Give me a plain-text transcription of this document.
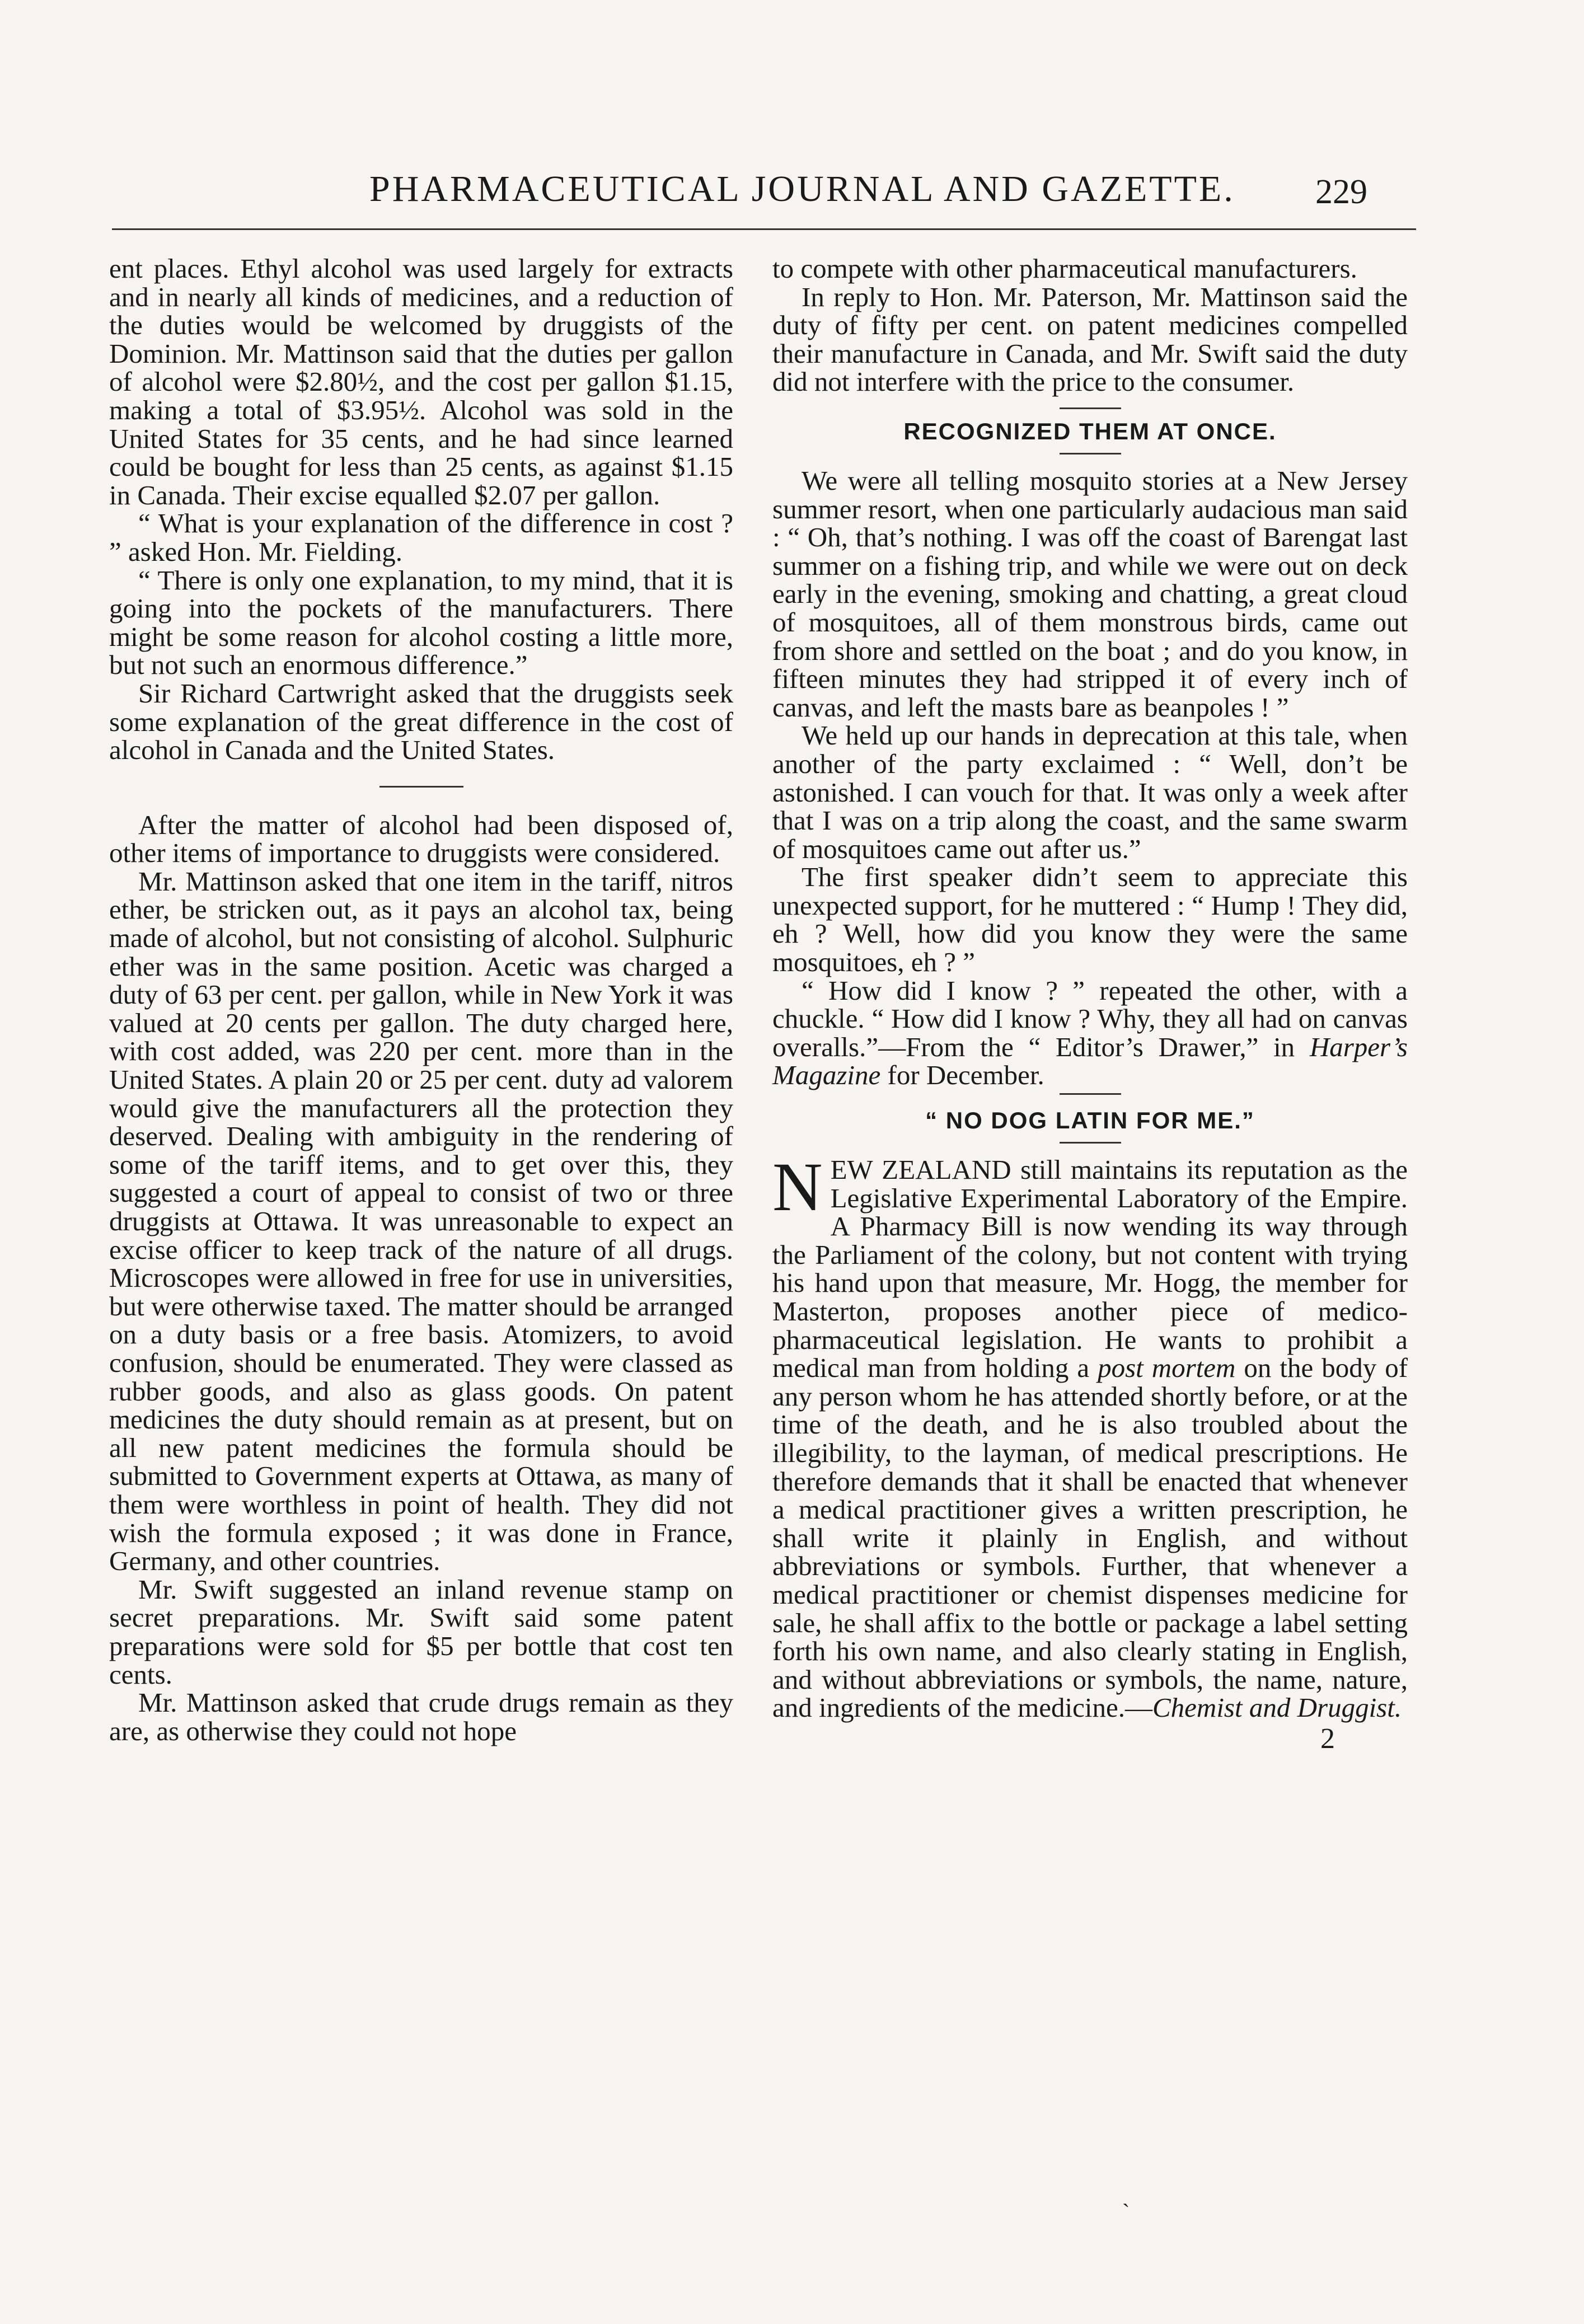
PHARMACEUTICAL JOURNAL AND GAZETTE. 229

ent places. Ethyl alcohol was used largely for extracts and in nearly all kinds of medicines, and a reduction of the duties would be welcomed by druggists of the Dominion. Mr. Mattinson said that the duties per gallon of alcohol were $2.80½, and the cost per gallon $1.15, making a total of $3.95½. Alcohol was sold in the United States for 35 cents, and he had since learned could be bought for less than 25 cents, as against $1.15 in Canada. Their excise equalled $2.07 per gallon.

“ What is your explanation of the difference in cost ? ” asked Hon. Mr. Fielding.

“ There is only one explanation, to my mind, that it is going into the pockets of the manufacturers. There might be some reason for alcohol costing a little more, but not such an enormous difference.”

Sir Richard Cartwright asked that the druggists seek some explanation of the great difference in the cost of alcohol in Canada and the United States.

After the matter of alcohol had been disposed of, other items of importance to druggists were considered.

Mr. Mattinson asked that one item in the tariff, nitros ether, be stricken out, as it pays an alcohol tax, being made of alcohol, but not consisting of alcohol. Sulphuric ether was in the same position. Acetic was charged a duty of 63 per cent. per gallon, while in New York it was valued at 20 cents per gallon. The duty charged here, with cost added, was 220 per cent. more than in the United States. A plain 20 or 25 per cent. duty ad valorem would give the manufacturers all the protection they deserved. Dealing with ambiguity in the rendering of some of the tariff items, and to get over this, they suggested a court of appeal to consist of two or three druggists at Ottawa. It was unreasonable to expect an excise officer to keep track of the nature of all drugs. Microscopes were allowed in free for use in universities, but were otherwise taxed. The matter should be arranged on a duty basis or a free basis. Atomizers, to avoid confusion, should be enumerated. They were classed as rubber goods, and also as glass goods. On patent medicines the duty should remain as at present, but on all new patent medicines the formula should be submitted to Government experts at Ottawa, as many of them were worthless in point of health. They did not wish the formula exposed ; it was done in France, Germany, and other countries.

Mr. Swift suggested an inland revenue stamp on secret preparations. Mr. Swift said some patent preparations were sold for $5 per bottle that cost ten cents.

Mr. Mattinson asked that crude drugs remain as they are, as otherwise they could not hope

to compete with other pharmaceutical manufacturers.

In reply to Hon. Mr. Paterson, Mr. Mattinson said the duty of fifty per cent. on patent medicines compelled their manufacture in Canada, and Mr. Swift said the duty did not interfere with the price to the consumer.

RECOGNIZED THEM AT ONCE.

We were all telling mosquito stories at a New Jersey summer resort, when one particularly audacious man said : “ Oh, that’s nothing. I was off the coast of Barengat last summer on a fishing trip, and while we were out on deck early in the evening, smoking and chatting, a great cloud of mosquitoes, all of them monstrous birds, came out from shore and settled on the boat ; and do you know, in fifteen minutes they had stripped it of every inch of canvas, and left the masts bare as beanpoles ! ”

We held up our hands in deprecation at this tale, when another of the party exclaimed : “ Well, don’t be astonished. I can vouch for that. It was only a week after that I was on a trip along the coast, and the same swarm of mosquitoes came out after us.”

The first speaker didn’t seem to appreciate this unexpected support, for he muttered : “ Hump ! They did, eh ? Well, how did you know they were the same mosquitoes, eh ? ”

“ How did I know ? ” repeated the other, with a chuckle. “ How did I know ? Why, they all had on canvas overalls.”—From the “ Editor’s Drawer,” in Harper’s Magazine for December.

“ NO DOG LATIN FOR ME.”

NEW ZEALAND still maintains its reputation as the Legislative Experimental Laboratory of the Empire. A Pharmacy Bill is now wending its way through the Parliament of the colony, but not content with trying his hand upon that measure, Mr. Hogg, the member for Masterton, proposes another piece of medico-pharmaceutical legislation. He wants to prohibit a medical man from holding a post mortem on the body of any person whom he has attended shortly before, or at the time of the death, and he is also troubled about the illegibility, to the layman, of medical prescriptions. He therefore demands that it shall be enacted that whenever a medical practitioner gives a written prescription, he shall write it plainly in English, and without abbreviations or symbols. Further, that whenever a medical practitioner or chemist dispenses medicine for sale, he shall affix to the bottle or package a label setting forth his own name, and also clearly stating in English, and without abbreviations or symbols, the name, nature, and ingredients of the medicine.—Chemist and Druggist.

2
ˋ
